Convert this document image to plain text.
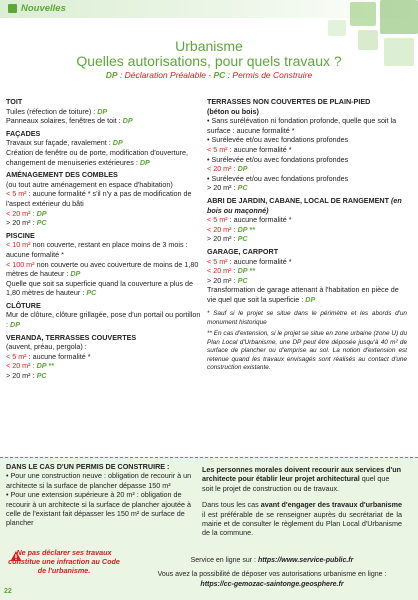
Nouvelles
Urbanisme
Quelles autorisations, pour quels travaux ?
DP : Déclaration Préalable - PC : Permis de Construire
TOIT
Tuiles (réfection de toiture) : DP
Panneaux solaires, fenêtres de toit : DP
FAÇADES
Travaux sur façade, ravalement : DP
Création de fenêtre ou de porte, modification d'ouverture, changement de menuiseries extérieures : DP
AMÉNAGEMENT DES COMBLES
(ou tout autre aménagement en espace d'habitation)
< 5 m² : aucune formalité * s'il n'y a pas de modification de l'aspect extérieur du bâti
< 20 m² : DP
> 20 m² : PC
PISCINE
< 10 m² non couverte, restant en place moins de 3 mois : aucune formalité *
< 100 m² non couverte ou avec couverture de moins de 1,80 mètres de hauteur : DP
Quelle que soit sa superficie quand la couverture a plus de 1,80 mètres de hauteur : PC
CLÔTURE
Mur de clôture, clôture grillagée, pose d'un portail ou portillon : DP
VERANDA, TERRASSES COUVERTES
(auvent, préau, pergola) :
< 5 m² : aucune formalité *
< 20 m² : DP **
> 20 m² : PC
TERRASSES NON COUVERTES DE PLAIN-PIED
(béton ou bois)
• Sans surélévation ni fondation profonde, quelle que soit la surface : aucune formalité *
• Surélevée et/ou avec fondations profondes
< 5 m² : aucune formalité *
• Surélevée et/ou avec fondations profondes
< 20 m² : DP
• Surélevée et/ou avec fondations profondes
> 20 m² : PC
ABRI DE JARDIN, CABANE, LOCAL DE RANGEMENT (en bois ou maçonné)
< 5 m² : aucune formalité *
< 20 m² : DP **
> 20 m² : PC
GARAGE, CARPORT
< 5 m² : aucune formalité *
< 20 m² : DP **
> 20 m² : PC
Transformation de garage attenant à l'habitation en pièce de vie quel que soit la superficie : DP
* Sauf si le projet se situe dans le périmètre et les abords d'un monument historique
** En cas d'extension, si le projet se situe en zone urbaine (zone U) du Plan Local d'Urbanisme, une DP peut être déposée jusqu'à 40 m² de surface de plancher ou d'emprise au sol. La notion d'extension est retenue quand les travaux envisagés sont réalisés au contact d'une construction existante.
DANS LE CAS D'UN PERMIS DE CONSTRUIRE :
• Pour une construction neuve : obligation de recourir à un architecte si la surface de plancher dépasse 150 m²
• Pour une extension supérieure à 20 m² : obligation de recourir à un architecte si la surface de plancher ajoutée à celle de l'existant fait dépasser les 150 m² de surface de plancher

Les personnes morales doivent recourir aux services d'un architecte pour établir leur projet architectural quel que soit le projet de construction ou de travaux.

Dans tous les cas avant d'engager des travaux d'urbanisme il est préférable de se renseigner auprès du secrétariat de la mairie et de consulter le règlement du Plan Local d'Urbanisme de la commune.

Ne pas déclarer ses travaux constitue une infraction au Code de l'urbanisme.
Service en ligne sur : https://www.service-public.fr
Vous avez la possibilité de déposer vos autorisations urbanisme en ligne :
https://cc-gemozac-saintonge.geosphere.fr
22
